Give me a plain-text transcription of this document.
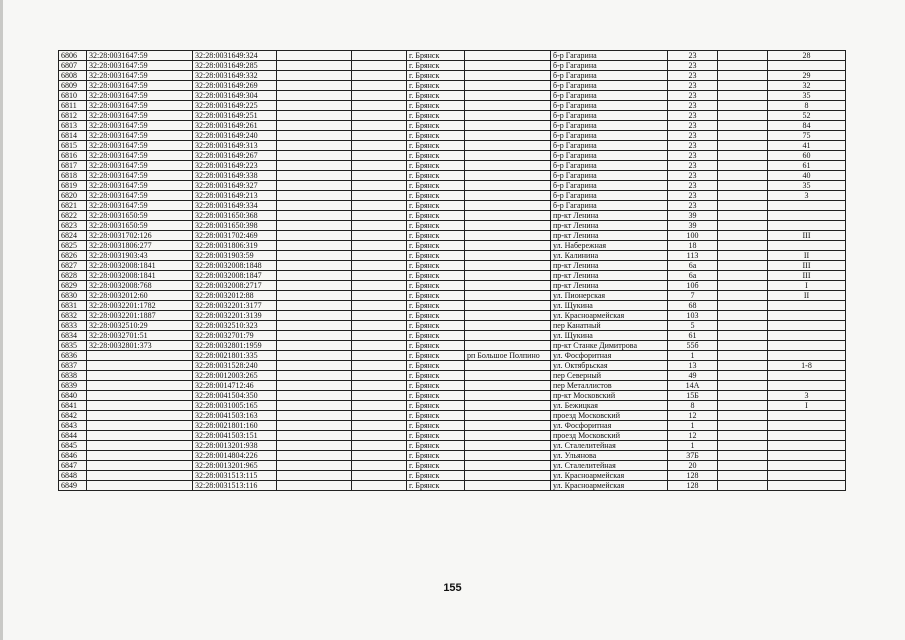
6806	32:28:0031647:59	32:28:0031649:324			г. Брянск		б-р Гагарина	23		28
6807	32:28:0031647:59	32:28:0031649:285			г. Брянск		б-р Гагарина	23		
6808	32:28:0031647:59	32:28:0031649:332			г. Брянск		б-р Гагарина	23		29
6809	32:28:0031647:59	32:28:0031649:269			г. Брянск		б-р Гагарина	23		32
6810	32:28:0031647:59	32:28:0031649:304			г. Брянск		б-р Гагарина	23		35
6811	32:28:0031647:59	32:28:0031649:225			г. Брянск		б-р Гагарина	23		8
6812	32:28:0031647:59	32:28:0031649:251			г. Брянск		б-р Гагарина	23		52
6813	32:28:0031647:59	32:28:0031649:261			г. Брянск		б-р Гагарина	23		84
6814	32:28:0031647:59	32:28:0031649:240			г. Брянск		б-р Гагарина	23		75
6815	32:28:0031647:59	32:28:0031649:313			г. Брянск		б-р Гагарина	23		41
6816	32:28:0031647:59	32:28:0031649:267			г. Брянск		б-р Гагарина	23		60
6817	32:28:0031647:59	32:28:0031649:223			г. Брянск		б-р Гагарина	23		61
6818	32:28:0031647:59	32:28:0031649:338			г. Брянск		б-р Гагарина	23		40
6819	32:28:0031647:59	32:28:0031649:327			г. Брянск		б-р Гагарина	23		35
6820	32:28:0031647:59	32:28:0031649:213			г. Брянск		б-р Гагарина	23		3
6821	32:28:0031647:59	32:28:0031649:334			г. Брянск		б-р Гагарина	23		
6822	32:28:0031650:59	32:28:0031650:368			г. Брянск		пр-кт Ленина	39		
6823	32:28:0031650:59	32:28:0031650:398			г. Брянск		пр-кт Ленина	39		
6824	32:28:0031702:126	32:28:0031702:469			г. Брянск		пр-кт Ленина	100		III
6825	32:28:0031806:277	32:28:0031806:319			г. Брянск		ул. Набережная	18		
6826	32:28:0031903:43	32:28:0031903:59			г. Брянск		ул. Калинина	113		II
6827	32:28:0032008:1841	32:28:0032008:1848			г. Брянск		пр-кт Ленина	6а		III
6828	32:28:0032008:1841	32:28:0032008:1847			г. Брянск		пр-кт Ленина	6а		III
6829	32:28:0032008:768	32:28:0032008:2717			г. Брянск		пр-кт Ленина	10б		I
6830	32:28:0032012:60	32:28:0032012:88			г. Брянск		ул. Пионерская	7		II
6831	32:28:0032201:1782	32:28:0032201:3177			г. Брянск		ул. Щукина	68		
6832	32:28:0032201:1887	32:28:0032201:3139			г. Брянск		ул. Красноармейская	103		
6833	32:28:0032510:29	32:28:0032510:323			г. Брянск		пер Канатный	5		
6834	32:28:0032701:51	32:28:0032701:79			г. Брянск		ул. Щукина	61		
6835	32:28:0032801:373	32:28:0032801:1959			г. Брянск		пр-кт Станке Димитрова	55б		
6836		32:28:0021801:335			г. Брянск	рп Большое Полпино	ул. Фосфоритная	1		
6837		32:28:0031528:240			г. Брянск		ул. Октябрьская	13		1-8
6838		32:28:0012003:265			г. Брянск		пер Северный	49		
6839		32:28:0014712:46			г. Брянск		пер Металлистов	14А		
6840		32:28:0041504:350			г. Брянск		пр-кт Московский	15Б		3
6841		32:28:0031005:165			г. Брянск		ул. Бежицкая	8		I
6842		32:28:0041503:163			г. Брянск		проезд Московский	12		
6843		32:28:0021801:160			г. Брянск		ул. Фосфоритная	1		
6844		32:28:0041503:151			г. Брянск		проезд Московский	12		
6845		32:28:0013201:938			г. Брянск		ул. Сталелитейная	1		
6846		32:28:0014804:226			г. Брянск		ул. Ульянова	37Б		
6847		32:28:0013201:965			г. Брянск		ул. Сталелитейная	20		
6848		32:28:0031513:115			г. Брянск		ул. Красноармейская	128		
6849		32:28:0031513:116			г. Брянск		ул. Красноармейская	128		
155
